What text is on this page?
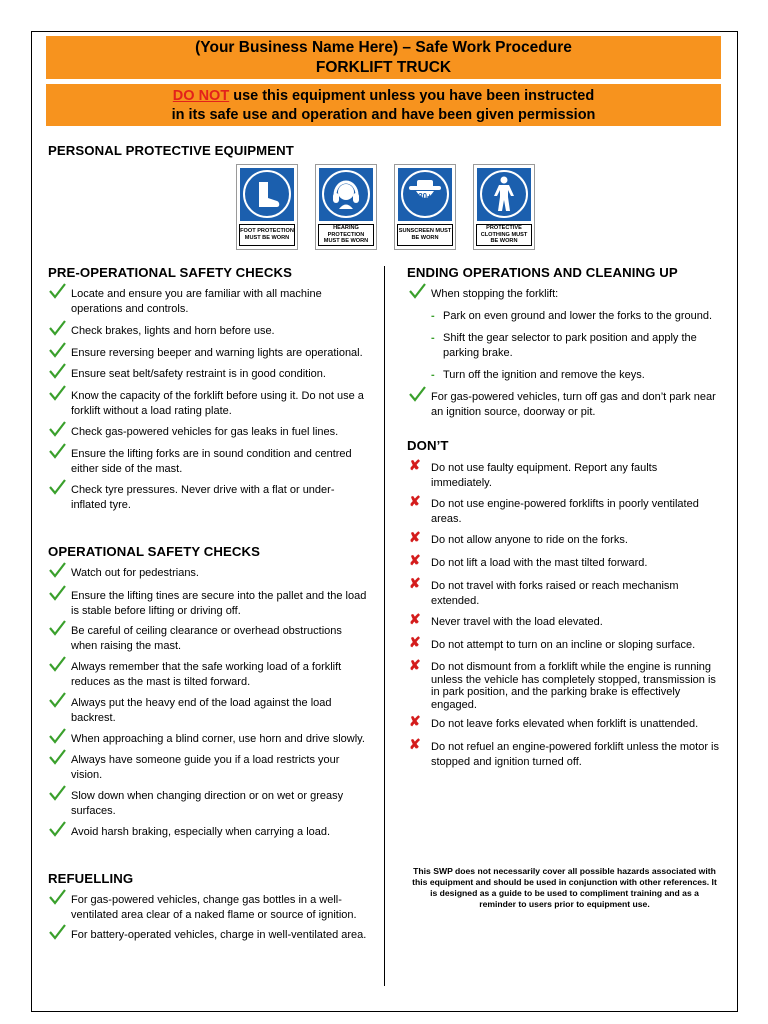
(Your Business Name Here) – Safe Work Procedure
FORKLIFT TRUCK
DO NOT use this equipment unless you have been instructed
in its safe use and operation and have been given permission
PERSONAL PROTECTIVE EQUIPMENT
FOOT PROTECTION MUST BE WORN
HEARING PROTECTION MUST BE WORN
30+
SUNSCREEN MUST BE WORN
PROTECTIVE CLOTHING MUST BE WORN
PRE-OPERATIONAL SAFETY CHECKS
Locate and ensure you are familiar with all machine operations and controls.
Check brakes, lights and horn before use.
Ensure reversing beeper and warning lights are operational.
Ensure seat belt/safety restraint is in good condition.
Know the capacity of the forklift before using it. Do not use a forklift without a load rating plate.
Check gas-powered vehicles for gas leaks in fuel lines.
Ensure the lifting forks are in sound condition and centred either side of the mast.
Check tyre pressures. Never drive with a flat or under-inflated tyre.
OPERATIONAL SAFETY CHECKS
Watch out for pedestrians.
Ensure the lifting tines are secure into the pallet and the load is stable before lifting or driving off.
Be careful of ceiling clearance or overhead obstructions when raising the mast.
Always remember that the safe working load of a forklift reduces as the mast is tilted forward.
Always put the heavy end of the load against the load backrest.
When approaching a blind corner, use horn and drive slowly.
Always have someone guide you if a load restricts your vision.
Slow down when changing direction or on wet or greasy surfaces.
Avoid harsh braking, especially when carrying a load.
REFUELLING
For gas-powered vehicles, change gas bottles in a well-ventilated area clear of a naked flame or source of ignition.
For battery-operated vehicles, charge in well-ventilated area.
ENDING OPERATIONS AND CLEANING UP
When stopping the forklift:
- Park on even ground and lower the forks to the ground.
- Shift the gear selector to park position and apply the parking brake.
- Turn off the ignition and remove the keys.
For gas-powered vehicles, turn off gas and don’t park near an ignition source, doorway or pit.
DON’T
✘ Do not use faulty equipment. Report any faults immediately.
✘ Do not use engine-powered forklifts in poorly ventilated areas.
✘ Do not allow anyone to ride on the forks.
✘ Do not lift a load with the mast tilted forward.
✘ Do not travel with forks raised or reach mechanism extended.
✘ Never travel with the load elevated.
✘ Do not attempt to turn on an incline or sloping surface.
✘ Do not dismount from a forklift while the engine is running unless the vehicle has completely stopped, transmission is in park position, and the parking brake is effectively engaged.
✘ Do not leave forks elevated when forklift is unattended.
✘ Do not refuel an engine-powered forklift unless the motor is stopped and ignition turned off.
This SWP does not necessarily cover all possible hazards associated with this equipment and should be used in conjunction with other references. It is designed as a guide to be used to compliment training and as a reminder to users prior to equipment use.
